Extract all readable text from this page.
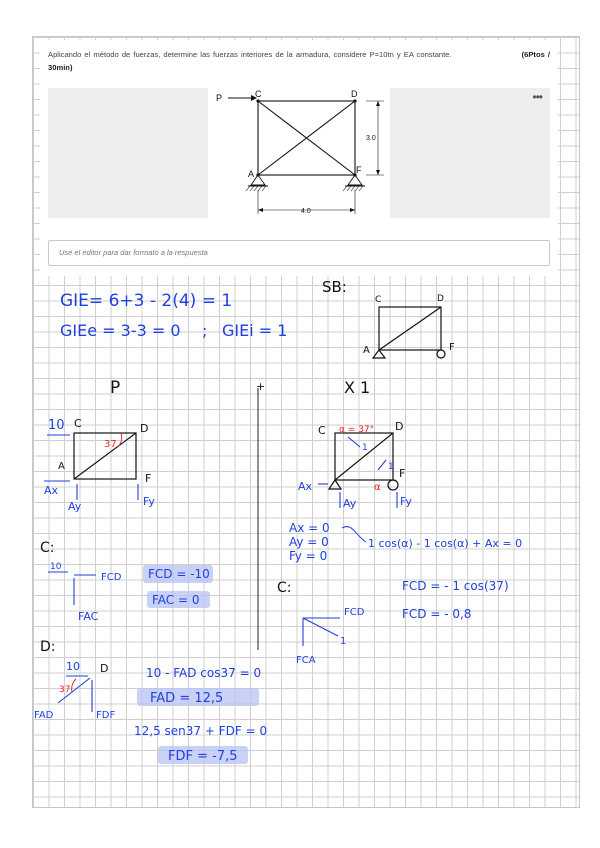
Aplicando el método de fuerzas, determine las fuerzas interiores de la armadura, considere P=10tn y EA constante.	(6Ptos / 30min)
P	C	D
A	F
3.0
4.0
•••
Use el editor para dar formato a la respuesta
GIE= 6+3 - 2(4) = 1
GIEe = 3-3 = 0 ; GIEi = 1
SB:
C	D
A	F
P	X 1
+
10
37
C	D
A
F
Ax
Ay	Fy
α = 37°
1
1
α
C	D
F
Ax
Ay	Fy
Ax = 0
Ay = 0
Fy = 0
1 cos(α) - 1 cos(α) + Ax = 0
C:
10
FCD
FAC
FCD = -10
FAC = 0
C:
FCD
FCA
1
FCD = - 1 cos(37)
FCD = - 0,8
D:
10 D
37
FAD	FDF
10 - FAD cos37 = 0
FAD = 12,5
12,5 sen37 + FDF = 0
FDF = -7,5
